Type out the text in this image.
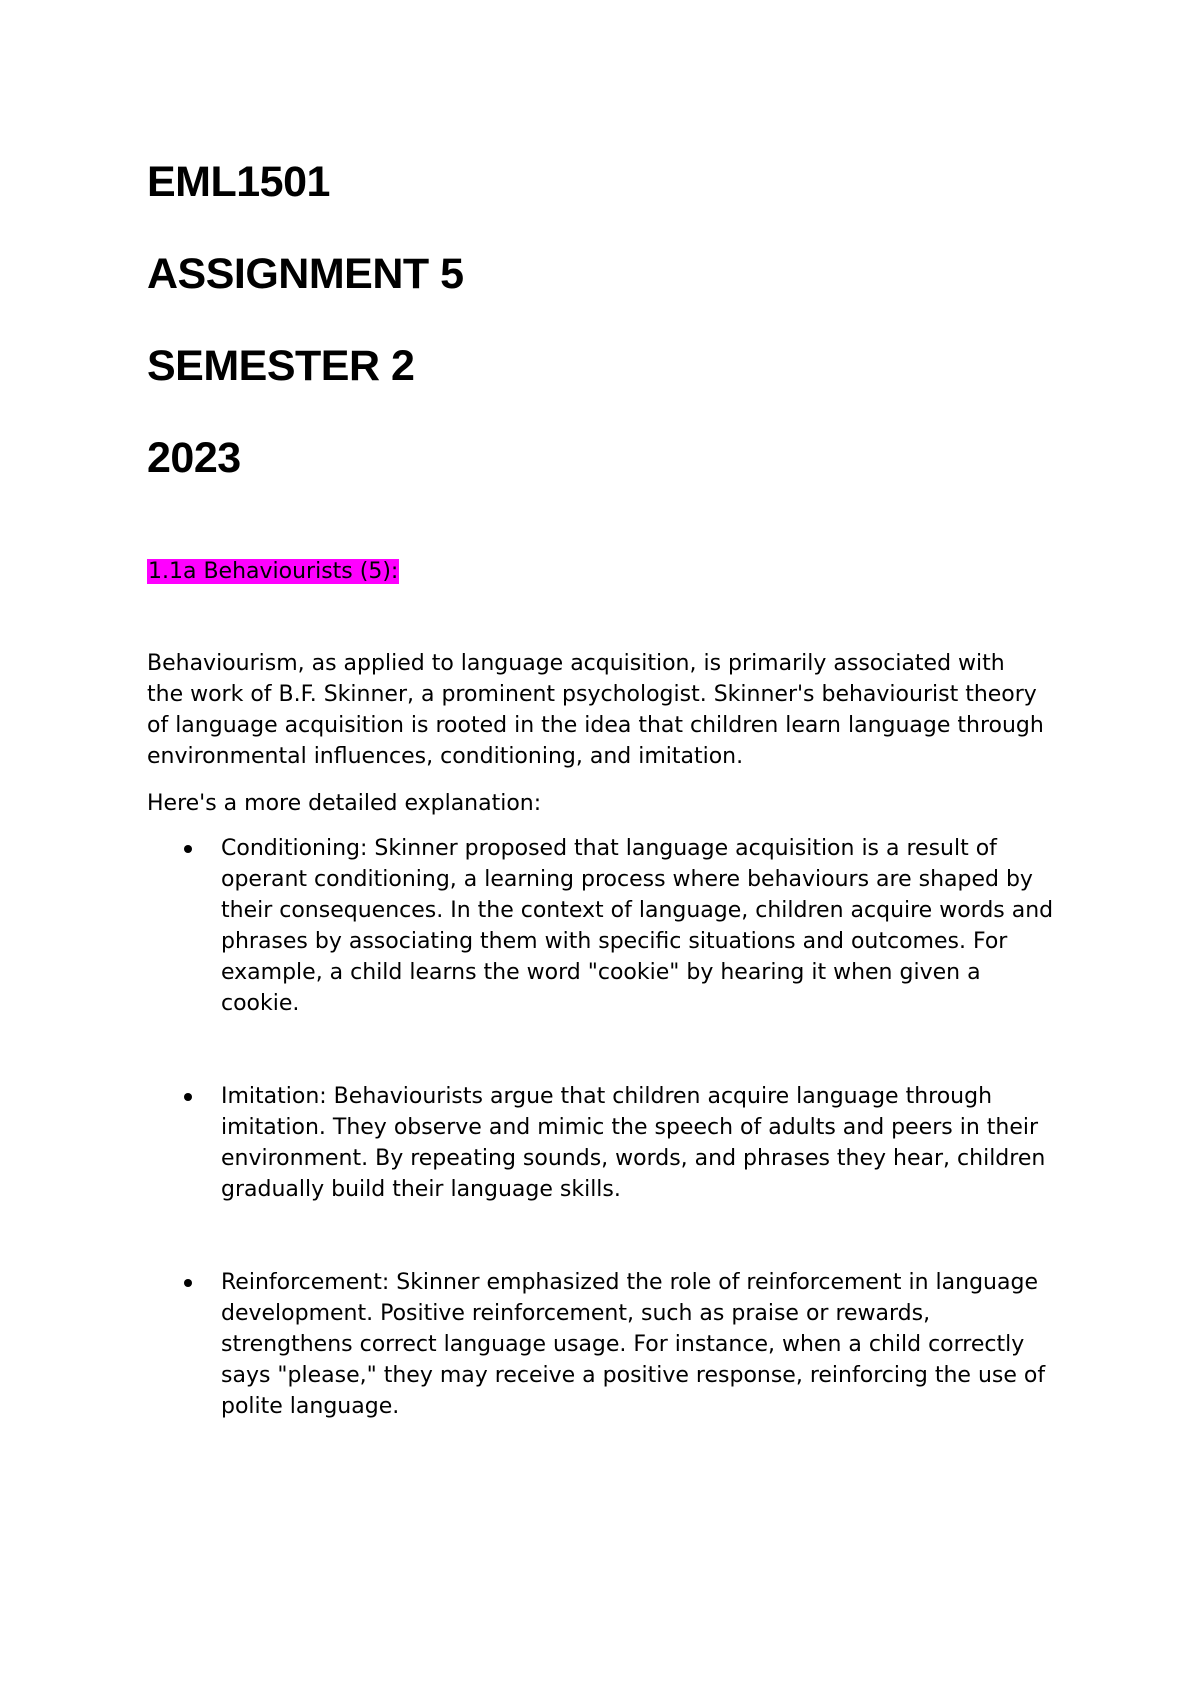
EML1501
ASSIGNMENT 5
SEMESTER 2
2023
1.1a Behaviourists (5):

Behaviourism, as applied to language acquisition, is primarily associated with the work of B.F. Skinner, a prominent psychologist. Skinner's behaviourist theory of language acquisition is rooted in the idea that children learn language through environmental influences, conditioning, and imitation.

Here's a more detailed explanation:

Conditioning: Skinner proposed that language acquisition is a result of operant conditioning, a learning process where behaviours are shaped by their consequences. In the context of language, children acquire words and phrases by associating them with specific situations and outcomes. For example, a child learns the word "cookie" by hearing it when given a cookie.
Imitation: Behaviourists argue that children acquire language through imitation. They observe and mimic the speech of adults and peers in their environment. By repeating sounds, words, and phrases they hear, children gradually build their language skills.
Reinforcement: Skinner emphasized the role of reinforcement in language development. Positive reinforcement, such as praise or rewards, strengthens correct language usage. For instance, when a child correctly says "please," they may receive a positive response, reinforcing the use of polite language.
